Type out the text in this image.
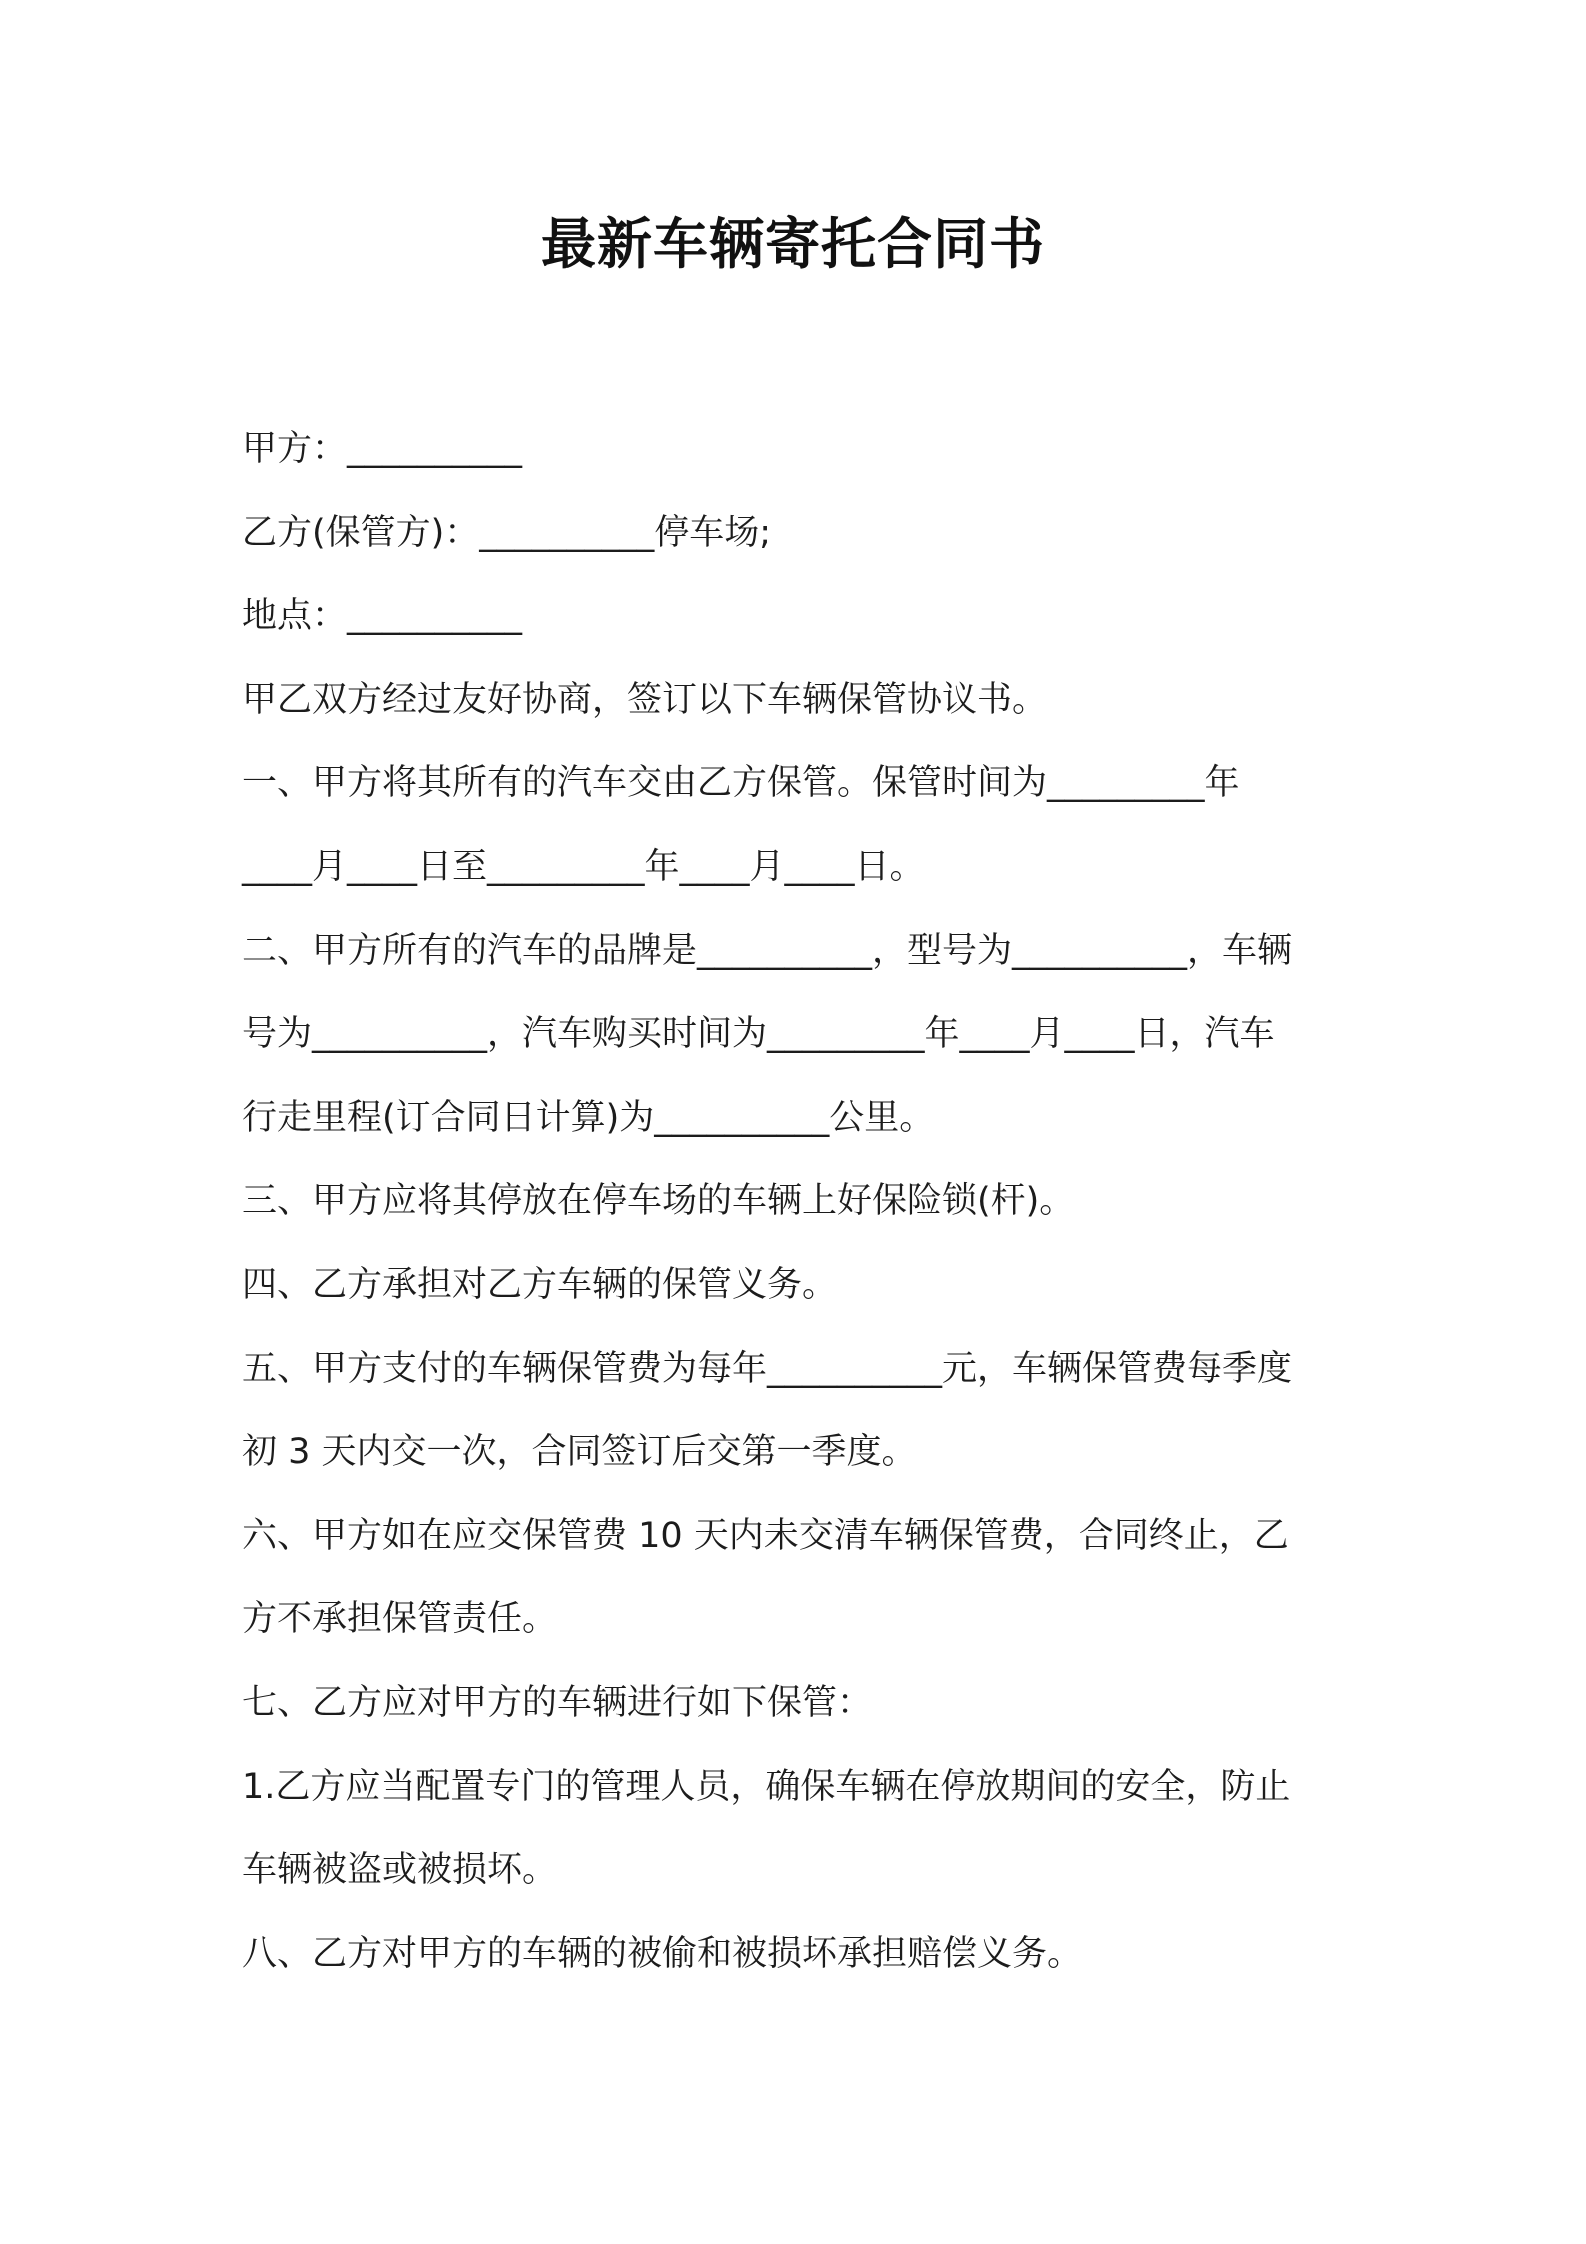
最新车辆寄托合同书
甲方：__________
乙方(保管方)：__________停车场;
地点：__________
甲乙双方经过友好协商，签订以下车辆保管协议书。
一、甲方将其所有的汽车交由乙方保管。保管时间为_________年
____月____日至_________年____月____日。
二、甲方所有的汽车的品牌是__________，型号为__________，车辆
号为__________，汽车购买时间为_________年____月____日，汽车
行走里程(订合同日计算)为__________公里。
三、甲方应将其停放在停车场的车辆上好保险锁(杆)。
四、乙方承担对乙方车辆的保管义务。
五、甲方支付的车辆保管费为每年__________元，车辆保管费每季度
初 3 天内交一次，合同签订后交第一季度。
六、甲方如在应交保管费 10 天内未交清车辆保管费，合同终止，乙
方不承担保管责任。
七、乙方应对甲方的车辆进行如下保管：
1.乙方应当配置专门的管理人员，确保车辆在停放期间的安全，防止
车辆被盗或被损坏。
八、乙方对甲方的车辆的被偷和被损坏承担赔偿义务。
